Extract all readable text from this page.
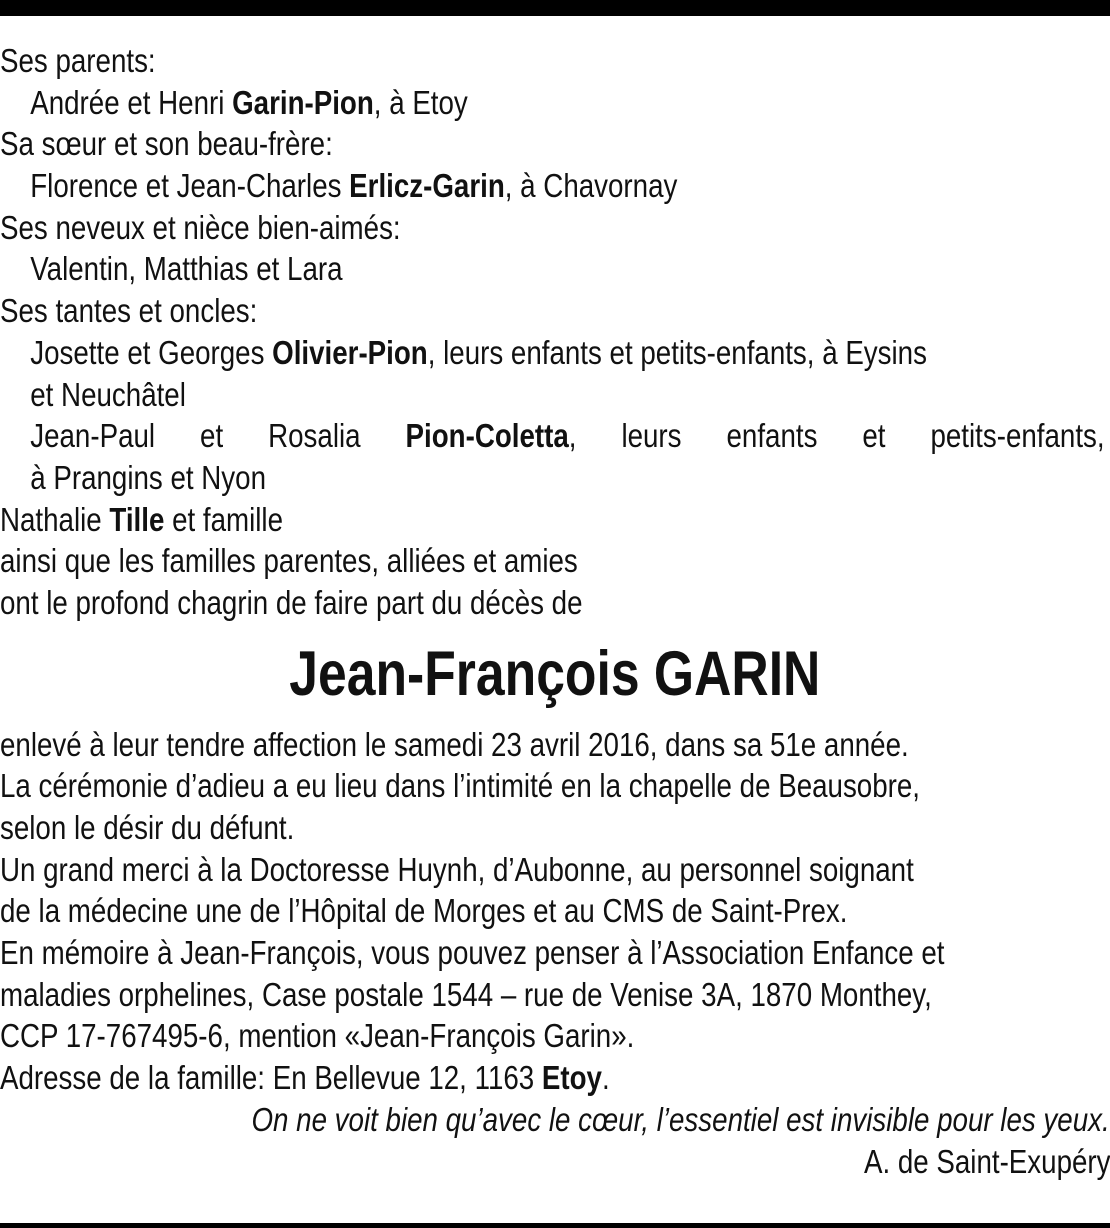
Ses parents:
Andrée et Henri Garin-Pion, à Etoy
Sa sœur et son beau-frère:
Florence et Jean-Charles Erlicz-Garin, à Chavornay
Ses neveux et nièce bien-aimés:
Valentin, Matthias et Lara
Ses tantes et oncles:
Josette et Georges Olivier-Pion, leurs enfants et petits-enfants, à Eysins
et Neuchâtel
Jean-Paul et Rosalia Pion-Coletta, leurs enfants et petits-enfants,
à Prangins et Nyon
Nathalie Tille et famille
ainsi que les familles parentes, alliées et amies
ont le profond chagrin de faire part du décès de
Jean-François GARIN
enlevé à leur tendre affection le samedi 23 avril 2016, dans sa 51e année.
La cérémonie d’adieu a eu lieu dans l’intimité en la chapelle de Beausobre,
selon le désir du défunt.
Un grand merci à la Doctoresse Huynh, d’Aubonne, au personnel soignant
de la médecine une de l’Hôpital de Morges et au CMS de Saint-Prex.
En mémoire à Jean-François, vous pouvez penser à l’Association Enfance et
maladies orphelines, Case postale 1544 – rue de Venise 3A, 1870 Monthey,
CCP 17-767495-6, mention «Jean-François Garin».
Adresse de la famille: En Bellevue 12, 1163 Etoy.
On ne voit bien qu’avec le cœur, l’essentiel est invisible pour les yeux.
A. de Saint-Exupéry
